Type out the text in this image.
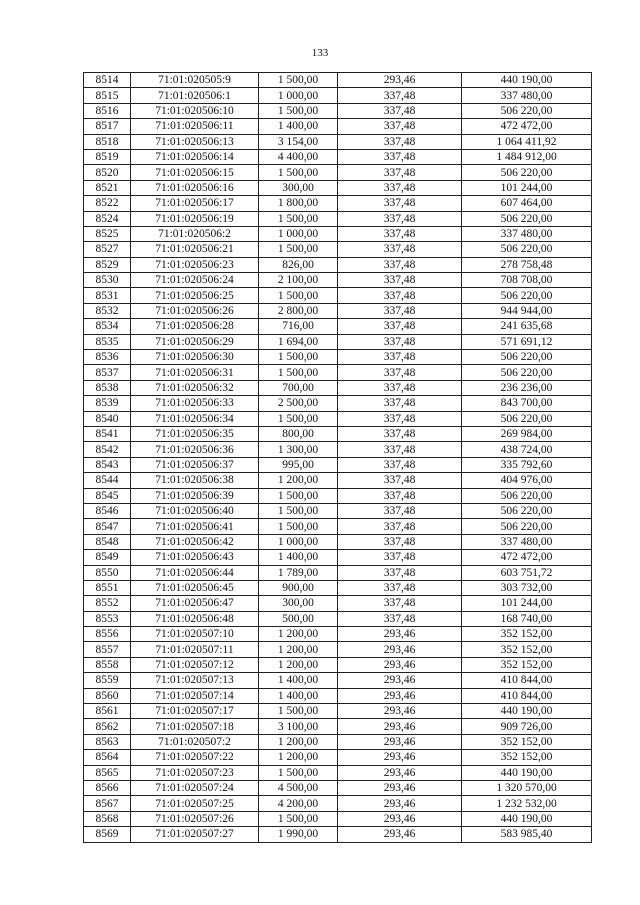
133
8514	71:01:020505:9	1 500,00	293,46	440 190,00
8515	71:01:020506:1	1 000,00	337,48	337 480,00
8516	71:01:020506:10	1 500,00	337,48	506 220,00
8517	71:01:020506:11	1 400,00	337,48	472 472,00
8518	71:01:020506:13	3 154,00	337,48	1 064 411,92
8519	71:01:020506:14	4 400,00	337,48	1 484 912,00
8520	71:01:020506:15	1 500,00	337,48	506 220,00
8521	71:01:020506:16	300,00	337,48	101 244,00
8522	71:01:020506:17	1 800,00	337,48	607 464,00
8524	71:01:020506:19	1 500,00	337,48	506 220,00
8525	71:01:020506:2	1 000,00	337,48	337 480,00
8527	71:01:020506:21	1 500,00	337,48	506 220,00
8529	71:01:020506:23	826,00	337,48	278 758,48
8530	71:01:020506:24	2 100,00	337,48	708 708,00
8531	71:01:020506:25	1 500,00	337,48	506 220,00
8532	71:01:020506:26	2 800,00	337,48	944 944,00
8534	71:01:020506:28	716,00	337,48	241 635,68
8535	71:01:020506:29	1 694,00	337,48	571 691,12
8536	71:01:020506:30	1 500,00	337,48	506 220,00
8537	71:01:020506:31	1 500,00	337,48	506 220,00
8538	71:01:020506:32	700,00	337,48	236 236,00
8539	71:01:020506:33	2 500,00	337,48	843 700,00
8540	71:01:020506:34	1 500,00	337,48	506 220,00
8541	71:01:020506:35	800,00	337,48	269 984,00
8542	71:01:020506:36	1 300,00	337,48	438 724,00
8543	71:01:020506:37	995,00	337,48	335 792,60
8544	71:01:020506:38	1 200,00	337,48	404 976,00
8545	71:01:020506:39	1 500,00	337,48	506 220,00
8546	71:01:020506:40	1 500,00	337,48	506 220,00
8547	71:01:020506:41	1 500,00	337,48	506 220,00
8548	71:01:020506:42	1 000,00	337,48	337 480,00
8549	71:01:020506:43	1 400,00	337,48	472 472,00
8550	71:01:020506:44	1 789,00	337,48	603 751,72
8551	71:01:020506:45	900,00	337,48	303 732,00
8552	71:01:020506:47	300,00	337,48	101 244,00
8553	71:01:020506:48	500,00	337,48	168 740,00
8556	71:01:020507:10	1 200,00	293,46	352 152,00
8557	71:01:020507:11	1 200,00	293,46	352 152,00
8558	71:01:020507:12	1 200,00	293,46	352 152,00
8559	71:01:020507:13	1 400,00	293,46	410 844,00
8560	71:01:020507:14	1 400,00	293,46	410 844,00
8561	71:01:020507:17	1 500,00	293,46	440 190,00
8562	71:01:020507:18	3 100,00	293,46	909 726,00
8563	71:01:020507:2	1 200,00	293,46	352 152,00
8564	71:01:020507:22	1 200,00	293,46	352 152,00
8565	71:01:020507:23	1 500,00	293,46	440 190,00
8566	71:01:020507:24	4 500,00	293,46	1 320 570,00
8567	71:01:020507:25	4 200,00	293,46	1 232 532,00
8568	71:01:020507:26	1 500,00	293,46	440 190,00
8569	71:01:020507:27	1 990,00	293,46	583 985,40
